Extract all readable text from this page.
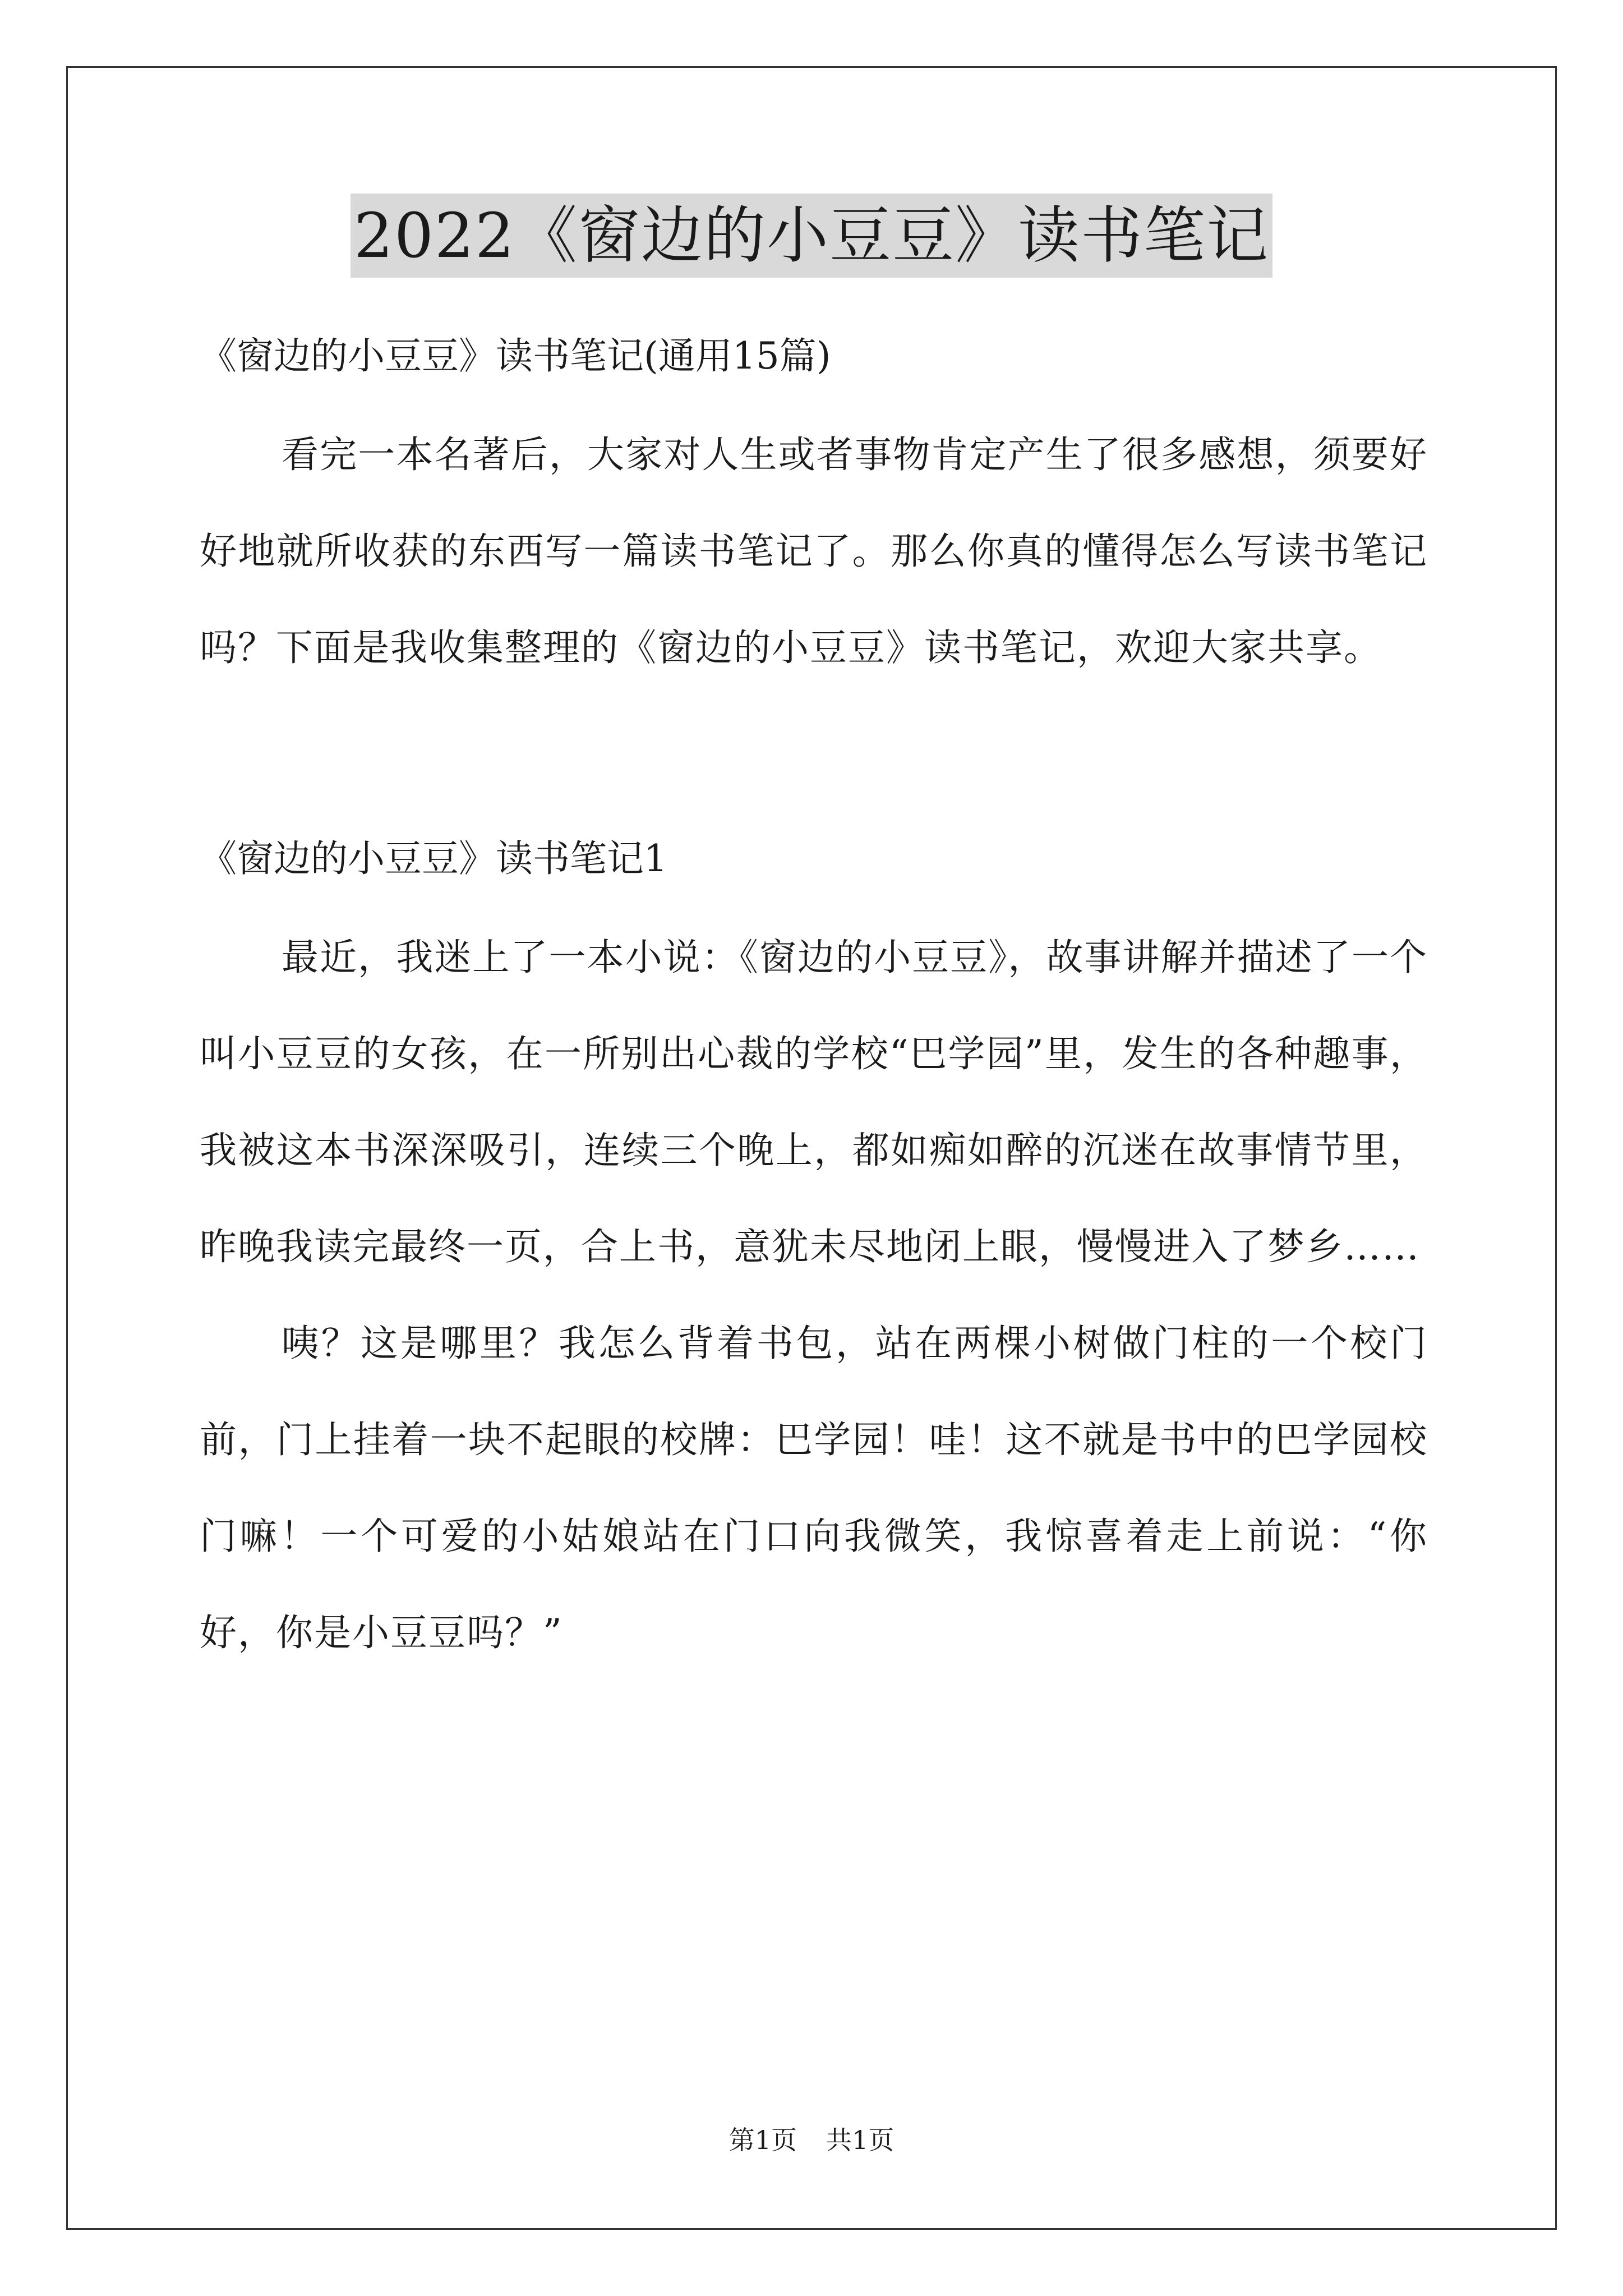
2022《窗边的小豆豆》读书笔记

《窗边的小豆豆》读书笔记(通用15篇)

看完一本名著后，大家对人生或者事物肯定产生了很多感想，须要好好地就所收获的东西写一篇读书笔记了。那么你真的懂得怎么写读书笔记吗？下面是我收集整理的《窗边的小豆豆》读书笔记，欢迎大家共享。

《窗边的小豆豆》读书笔记1

最近，我迷上了一本小说：《窗边的小豆豆》，故事讲解并描述了一个叫小豆豆的女孩，在一所别出心裁的学校“巴学园”里，发生的各种趣事，我被这本书深深吸引，连续三个晚上，都如痴如醉的沉迷在故事情节里，昨晚我读完最终一页，合上书，意犹未尽地闭上眼，慢慢进入了梦乡……

咦？这是哪里？我怎么背着书包，站在两棵小树做门柱的一个校门前，门上挂着一块不起眼的校牌：巴学园！哇！这不就是书中的巴学园校门嘛！一个可爱的小姑娘站在门口向我微笑，我惊喜着走上前说：“你好，你是小豆豆吗？”

第1页 共1页
